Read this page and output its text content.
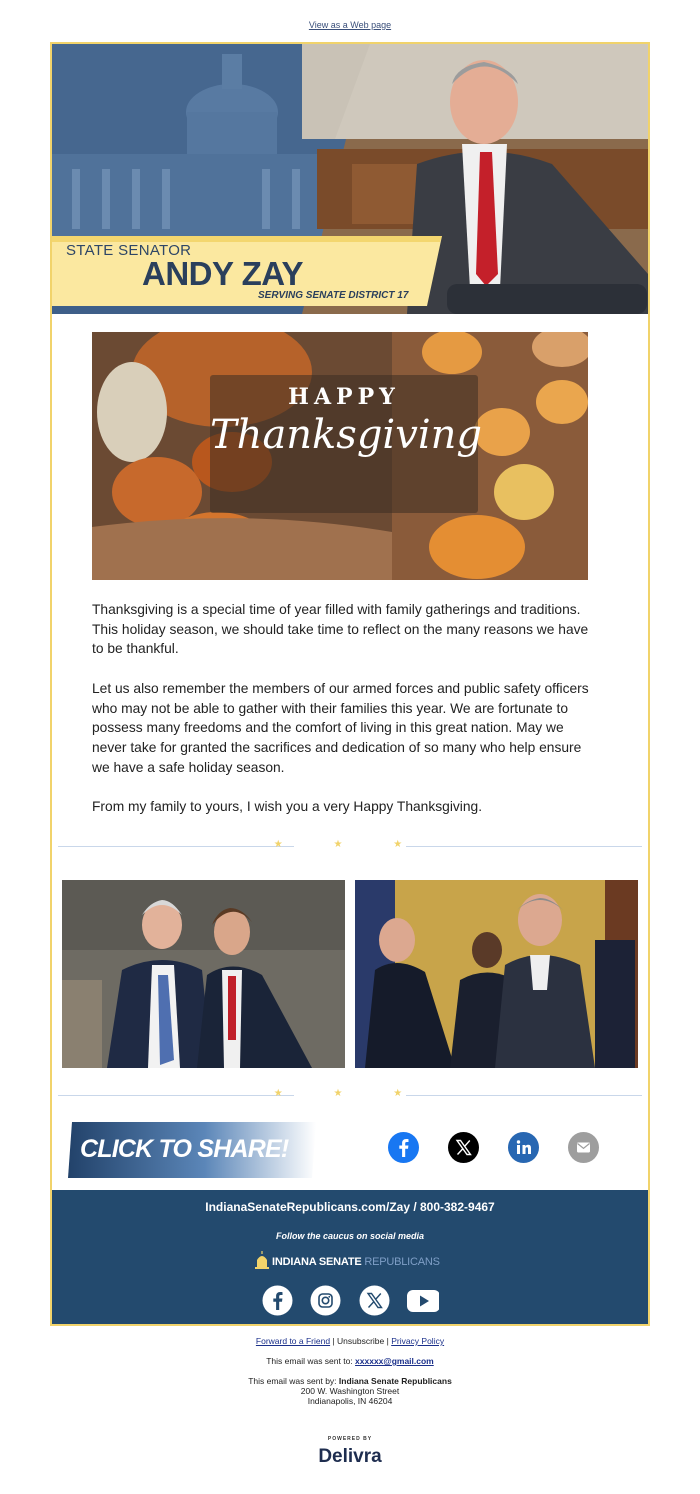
View as a Web page
STATE SENATOR
ANDY ZAY
SERVING SENATE DISTRICT 17
HAPPY
Thanksgiving

Thanksgiving is a special time of year filled with family gatherings and traditions. This holiday season, we should take time to reflect on the many reasons we have to be thankful.

Let us also remember the members of our armed forces and public safety officers who may not be able to gather with their families this year. We are fortunate to possess many freedoms and the comfort of living in this great nation. May we never take for granted the sacrifices and dedication of so many who help ensure we have a safe holiday season.

From my family to yours, I wish you a very Happy Thanksgiving.

★ ★ ★
★ ★ ★
CLICK TO SHARE!
IndianaSenateRepublicans.com/Zay / 800-382-9467
Follow the caucus on social media
INDIANA SENATE REPUBLICANS
Forward to a Friend | Unsubscribe | Privacy Policy
This email was sent to: xxxxxx@gmail.com
This email was sent by: Indiana Senate Republicans
200 W. Washington Street
Indianapolis, IN 46204
POWERED BY
Delivra
